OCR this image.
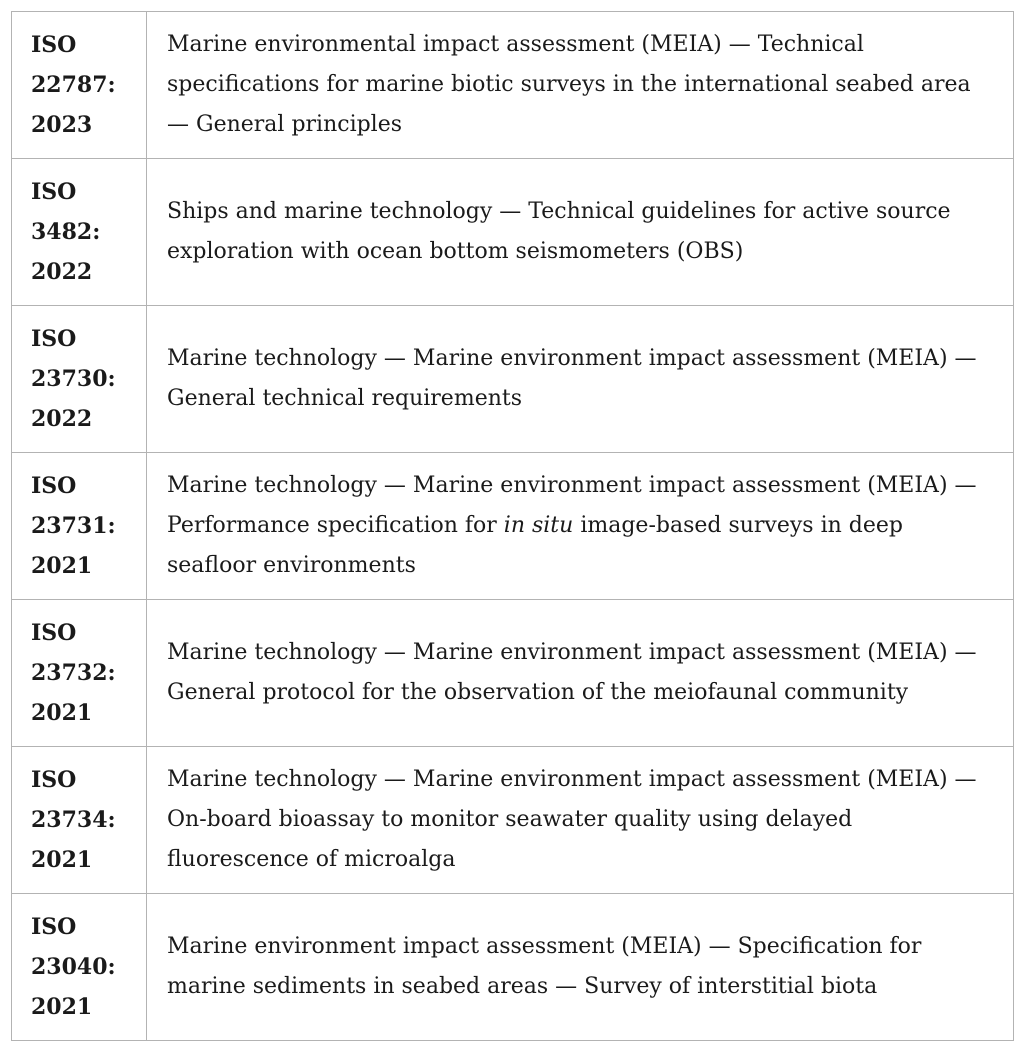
ISO
22787:
2023	Marine environmental impact assessment (MEIA) — Technical specifications for marine biotic surveys in the international seabed area — General principles

ISO
3482:
2022	Ships and marine technology — Technical guidelines for active source exploration with ocean bottom seismometers (OBS)

ISO
23730:
2022	Marine technology — Marine environment impact assessment (MEIA) — General technical requirements

ISO
23731:
2021	Marine technology — Marine environment impact assessment (MEIA) — Performance specification for in situ image-based surveys in deep seafloor environments

ISO
23732:
2021	Marine technology — Marine environment impact assessment (MEIA) — General protocol for the observation of the meiofaunal community

ISO
23734:
2021	Marine technology — Marine environment impact assessment (MEIA) — On-board bioassay to monitor seawater quality using delayed fluorescence of microalga

ISO
23040:
2021	Marine environment impact assessment (MEIA) — Specification for marine sediments in seabed areas — Survey of interstitial biota
